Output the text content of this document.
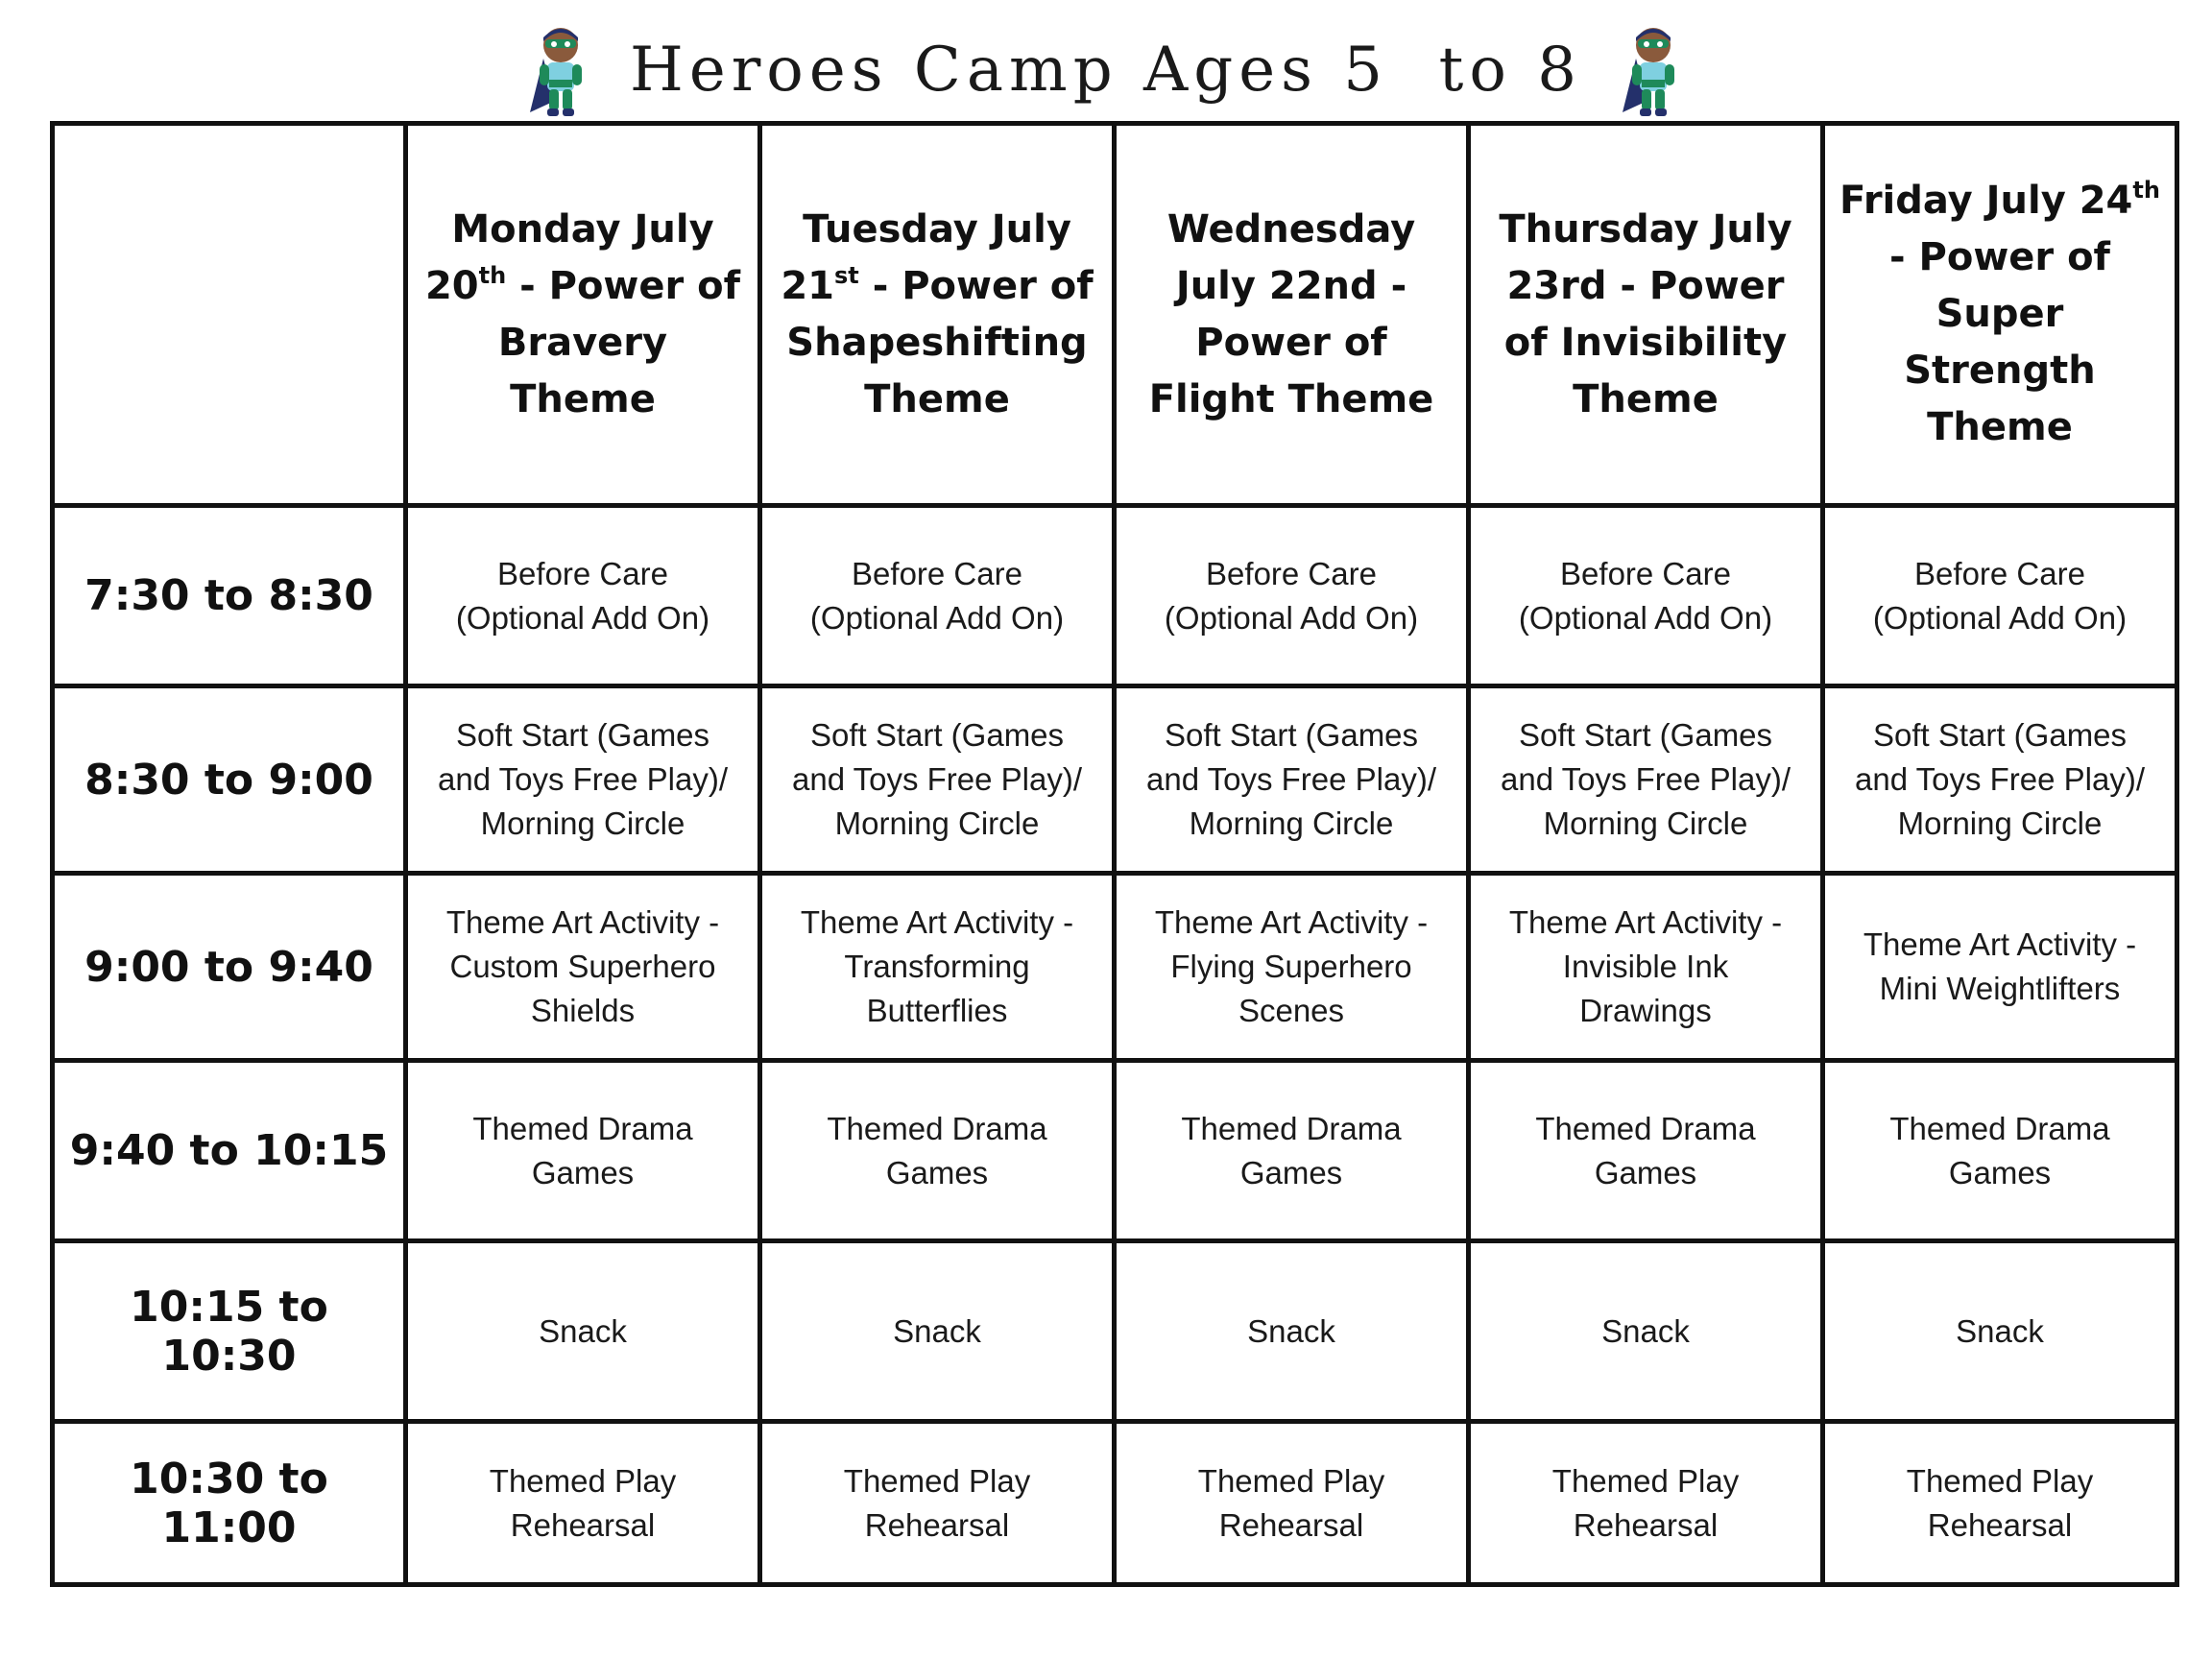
Heroes Camp Ages 5  to 8

	Monday July 20th - Power of Bravery Theme	Tuesday July 21st - Power of Shapeshifting Theme	Wednesday July 22nd - Power of Flight Theme	Thursday July 23rd - Power of Invisibility Theme	Friday July 24th - Power of Super Strength Theme

7:30 to 8:30	Before Care
(Optional Add On)	Before Care
(Optional Add On)	Before Care
(Optional Add On)	Before Care
(Optional Add On)	Before Care
(Optional Add On)

8:30 to 9:00	Soft Start (Games
and Toys Free Play)/
Morning Circle	Soft Start (Games
and Toys Free Play)/
Morning Circle	Soft Start (Games
and Toys Free Play)/
Morning Circle	Soft Start (Games
and Toys Free Play)/
Morning Circle	Soft Start (Games
and Toys Free Play)/
Morning Circle

9:00 to 9:40	Theme Art Activity -
Custom Superhero
Shields	Theme Art Activity -
Transforming
Butterflies	Theme Art Activity -
Flying Superhero
Scenes	Theme Art Activity -
Invisible Ink
Drawings	Theme Art Activity -
Mini Weightlifters

9:40 to 10:15	Themed Drama
Games	Themed Drama
Games	Themed Drama
Games	Themed Drama
Games	Themed Drama
Games

10:15 to 10:30	Snack	Snack	Snack	Snack	Snack

10:30 to 11:00	Themed Play
Rehearsal	Themed Play
Rehearsal	Themed Play
Rehearsal	Themed Play
Rehearsal	Themed Play
Rehearsal
